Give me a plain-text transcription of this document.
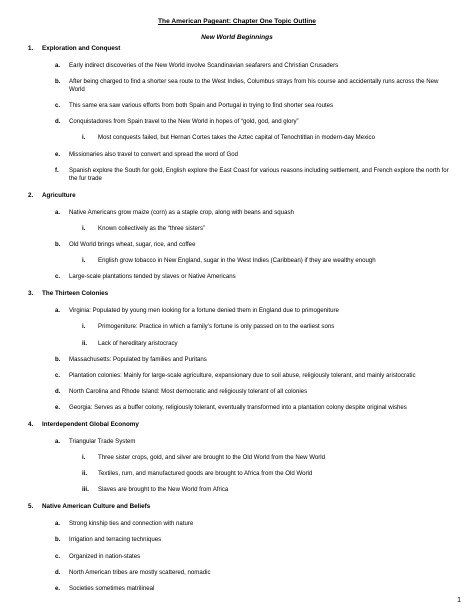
The American Pageant: Chapter One Topic Outline
New World Beginnings
1. Exploration and Conquest
a. Early indirect discoveries of the New World involve Scandinavian seafarers and Christian Crusaders
b. After being charged to find a shorter sea route to the West Indies, Columbus strays from his course and accidentally runs across the New World
c. This same era saw various efforts from both Spain and Portugal in trying to find shorter sea routes
d. Conquistadores from Spain travel to the New World in hopes of “gold, god, and glory”
i. Most conquests failed, but Hernan Cortes takes the Aztec capital of Tenochtitlan in modern-day Mexico
e. Missionaries also travel to convert and spread the word of God
f. Spanish explore the South for gold, English explore the East Coast for various reasons including settlement, and French explore the north for the fur trade
2. Agriculture
a. Native Americans grow maize (corn) as a staple crop, along with beans and squash
i. Known collectively as the “three sisters”
b. Old World brings wheat, sugar, rice, and coffee
i. English grow tobacco in New England, sugar in the West Indies (Caribbean) if they are wealthy enough
c. Large-scale plantations tended by slaves or Native Americans
3. The Thirteen Colonies
a. Virginia: Populated by young men looking for a fortune denied them in England due to primogeniture
i. Primogeniture: Practice in which a family’s fortune is only passed on to the earliest sons
ii. Lack of hereditary aristocracy
b. Massachusetts: Populated by families and Puritans
c. Plantation colonies: Mainly for large-scale agriculture, expansionary due to soil abuse, religiously tolerant, and mainly aristocratic
d. North Carolina and Rhode Island: Most democratic and religiously tolerant of all colonies
e. Georgia: Serves as a buffer colony, religiously tolerant, eventually transformed into a plantation colony despite original wishes
4. Interdependent Global Economy
a. Triangular Trade System
i. Three sister crops, gold, and silver are brought to the Old World from the New World
ii. Textiles, rum, and manufactured goods are brought to Africa from the Old World
iii. Slaves are brought to the New World from Africa
5. Native American Culture and Beliefs
a. Strong kinship ties and connection with nature
b. Irrigation and terracing techniques
c. Organized in nation-states
d. North American tribes are mostly scattered, nomadic
e. Societies sometimes matrilineal
1
